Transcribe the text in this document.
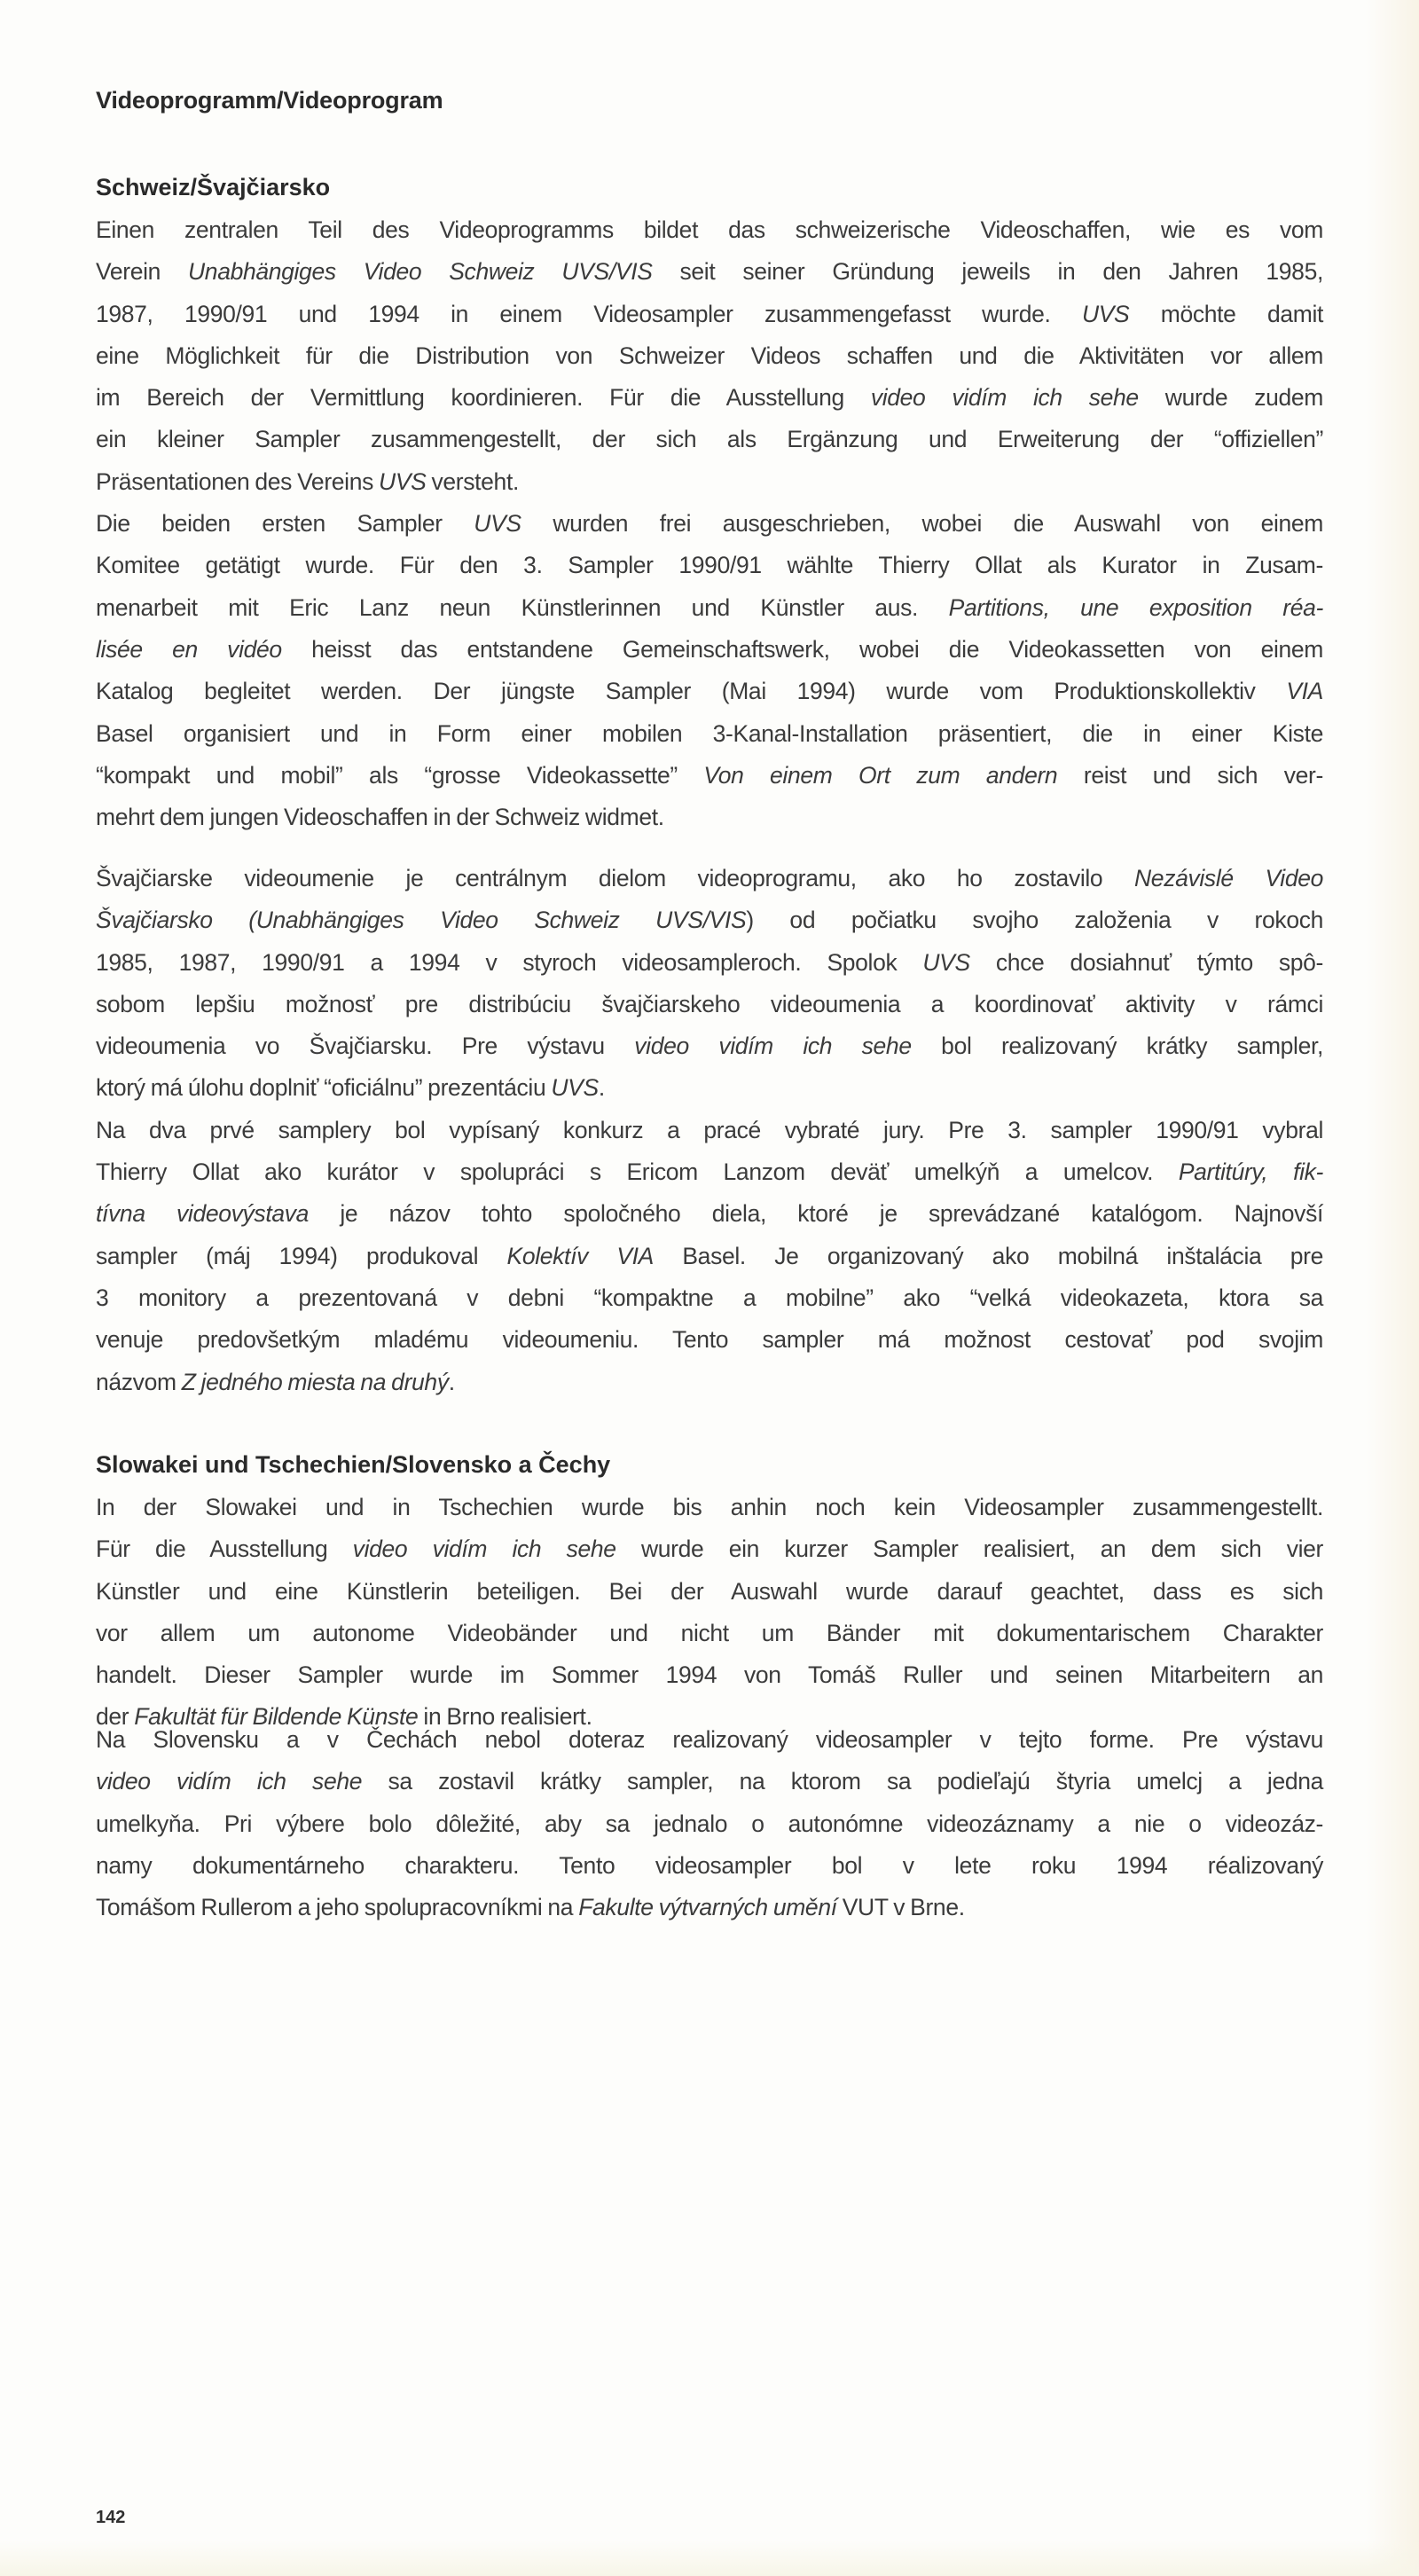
Videoprogramm/Videoprogram
Schweiz/Švajčiarsko
Einen zentralen Teil des Videoprogramms bildet das schweizerische Videoschaffen, wie es vom
Verein Unabhängiges Video Schweiz UVS/VIS seit seiner Gründung jeweils in den Jahren 1985,
1987, 1990/91 und 1994 in einem Videosampler zusammengefasst wurde. UVS möchte damit
eine Möglichkeit für die Distribution von Schweizer Videos schaffen und die Aktivitäten vor allem
im Bereich der Vermittlung koordinieren. Für die Ausstellung video vidím ich sehe wurde zudem
ein kleiner Sampler zusammengestellt, der sich als Ergänzung und Erweiterung der “offiziellen”
Präsentationen des Vereins UVS versteht.
Die beiden ersten Sampler UVS wurden frei ausgeschrieben, wobei die Auswahl von einem
Komitee getätigt wurde. Für den 3. Sampler 1990/91 wählte Thierry Ollat als Kurator in Zusam-
menarbeit mit Eric Lanz neun Künstlerinnen und Künstler aus. Partitions, une exposition réa-
lisée en vidéo heisst das entstandene Gemeinschaftswerk, wobei die Videokassetten von einem
Katalog begleitet werden. Der jüngste Sampler (Mai 1994) wurde vom Produktionskollektiv VIA
Basel organisiert und in Form einer mobilen 3-Kanal-Installation präsentiert, die in einer Kiste
“kompakt und mobil” als “grosse Videokassette” Von einem Ort zum andern reist und sich ver-
mehrt dem jungen Videoschaffen in der Schweiz widmet.
Švajčiarske videoumenie je centrálnym dielom videoprogramu, ako ho zostavilo Nezávislé Video
Švajčiarsko (Unabhängiges Video Schweiz UVS/VIS) od počiatku svojho založenia v rokoch
1985, 1987, 1990/91 a 1994 v styroch videosampleroch. Spolok UVS chce dosiahnuť týmto spô-
sobom lepšiu možnosť pre distribúciu švajčiarskeho videoumenia a koordinovať aktivity v rámci
videoumenia vo Švajčiarsku. Pre výstavu video vidím ich sehe bol realizovaný krátky sampler,
ktorý má úlohu doplniť “oficiálnu” prezentáciu UVS.
Na dva prvé samplery bol vypísaný konkurz a pracé vybraté jury. Pre 3. sampler 1990/91 vybral
Thierry Ollat ako kurátor v spolupráci s Ericom Lanzom deväť umelkýň a umelcov. Partitúry, fik-
tívna videovýstava je názov tohto spoločného diela, ktoré je sprevádzané katalógom. Najnovší
sampler (máj 1994) produkoval Kolektív VIA Basel. Je organizovaný ako mobilná inštalácia pre
3 monitory a prezentovaná v debni “kompaktne a mobilne” ako “velká videokazeta, ktora sa
venuje predovšetkým mladému videoumeniu. Tento sampler má možnost cestovať pod svojim
názvom Z jedného miesta na druhý.
Slowakei und Tschechien/Slovensko a Čechy
In der Slowakei und in Tschechien wurde bis anhin noch kein Videosampler zusammengestellt.
Für die Ausstellung video vidím ich sehe wurde ein kurzer Sampler realisiert, an dem sich vier
Künstler und eine Künstlerin beteiligen. Bei der Auswahl wurde darauf geachtet, dass es sich
vor allem um autonome Videobänder und nicht um Bänder mit dokumentarischem Charakter
handelt. Dieser Sampler wurde im Sommer 1994 von Tomáš Ruller und seinen Mitarbeitern an
der Fakultät für Bildende Künste in Brno realisiert.
Na Slovensku a v Čechách nebol doteraz realizovaný videosampler v tejto forme. Pre výstavu
video vidím ich sehe sa zostavil krátky sampler, na ktorom sa podieľajú štyria umelcj a jedna
umelkyňa. Pri výbere bolo dôležité, aby sa jednalo o autonómne videozáznamy a nie o videozáz-
namy dokumentárneho charakteru. Tento videosampler bol v lete roku 1994 réalizovaný
Tomášom Rullerom a jeho spolupracovníkmi na Fakulte výtvarných umění VUT v Brne.
142
